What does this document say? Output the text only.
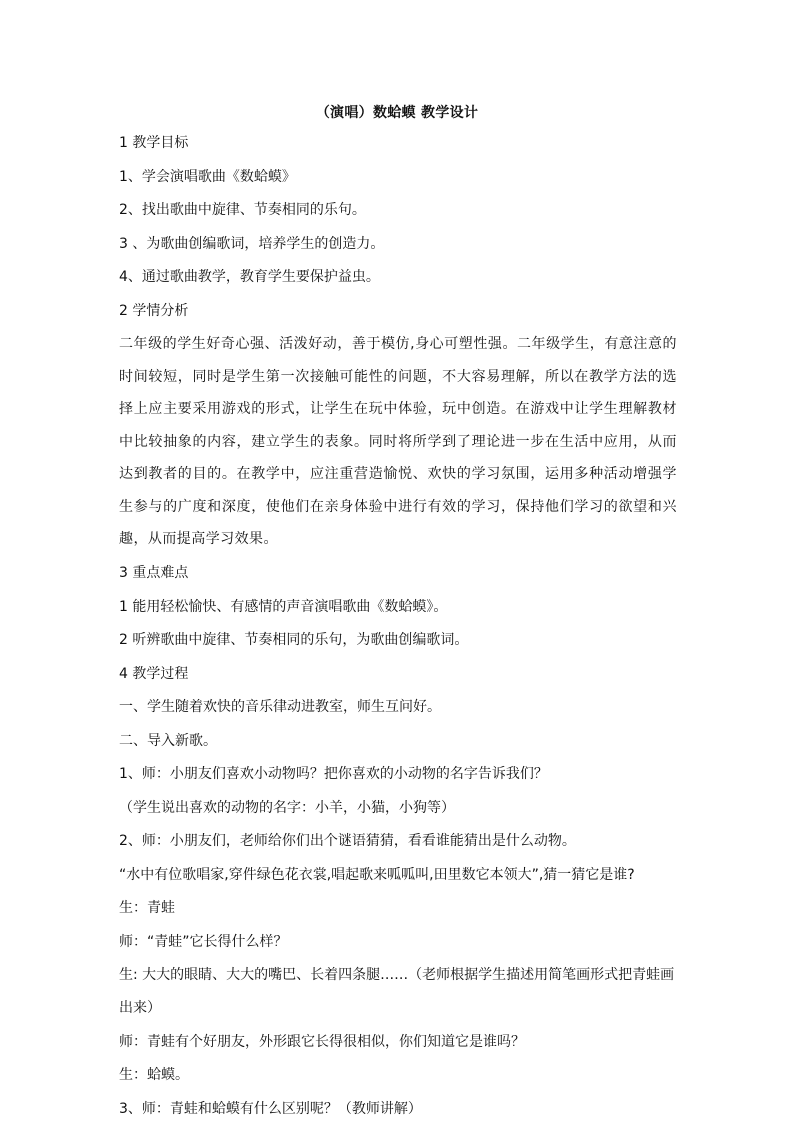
（演唱）数蛤蟆 教学设计
1 教学目标
1、学会演唱歌曲《数蛤蟆》
2、找出歌曲中旋律、节奏相同的乐句。
3 、为歌曲创编歌词，培养学生的创造力。
4、通过歌曲教学，教育学生要保护益虫。
2 学情分析
二年级的学生好奇心强、活泼好动，善于模仿,身心可塑性强。二年级学生，有意注意的时间较短，同时是学生第一次接触可能性的问题，不大容易理解，所以在教学方法的选择上应主要采用游戏的形式，让学生在玩中体验，玩中创造。在游戏中让学生理解教材中比较抽象的内容，建立学生的表象。同时将所学到了理论进一步在生活中应用，从而达到教者的目的。在教学中，应注重营造愉悦、欢快的学习氛围，运用多种活动增强学生参与的广度和深度，使他们在亲身体验中进行有效的学习，保持他们学习的欲望和兴趣，从而提高学习效果。
3 重点难点
1 能用轻松愉快、有感情的声音演唱歌曲《数蛤蟆》。
2 听辨歌曲中旋律、节奏相同的乐句，为歌曲创编歌词。
4 教学过程
一、学生随着欢快的音乐律动进教室，师生互问好。
二、导入新歌。
1、师：小朋友们喜欢小动物吗？把你喜欢的小动物的名字告诉我们？
（学生说出喜欢的动物的名字：小羊，小猫，小狗等）
2、师：小朋友们，老师给你们出个谜语猜猜，看看谁能猜出是什么动物。
“水中有位歌唱家,穿件绿色花衣裳,唱起歌来呱呱叫,田里数它本领大”,猜一猜它是谁?
生：青蛙
师：“青蛙”它长得什么样？
生: 大大的眼睛、大大的嘴巴、长着四条腿……（老师根据学生描述用简笔画形式把青蛙画出来）
师：青蛙有个好朋友，外形跟它长得很相似，你们知道它是谁吗？
生：蛤蟆。
3、师：青蛙和蛤蟆有什么区别呢？（教师讲解）
